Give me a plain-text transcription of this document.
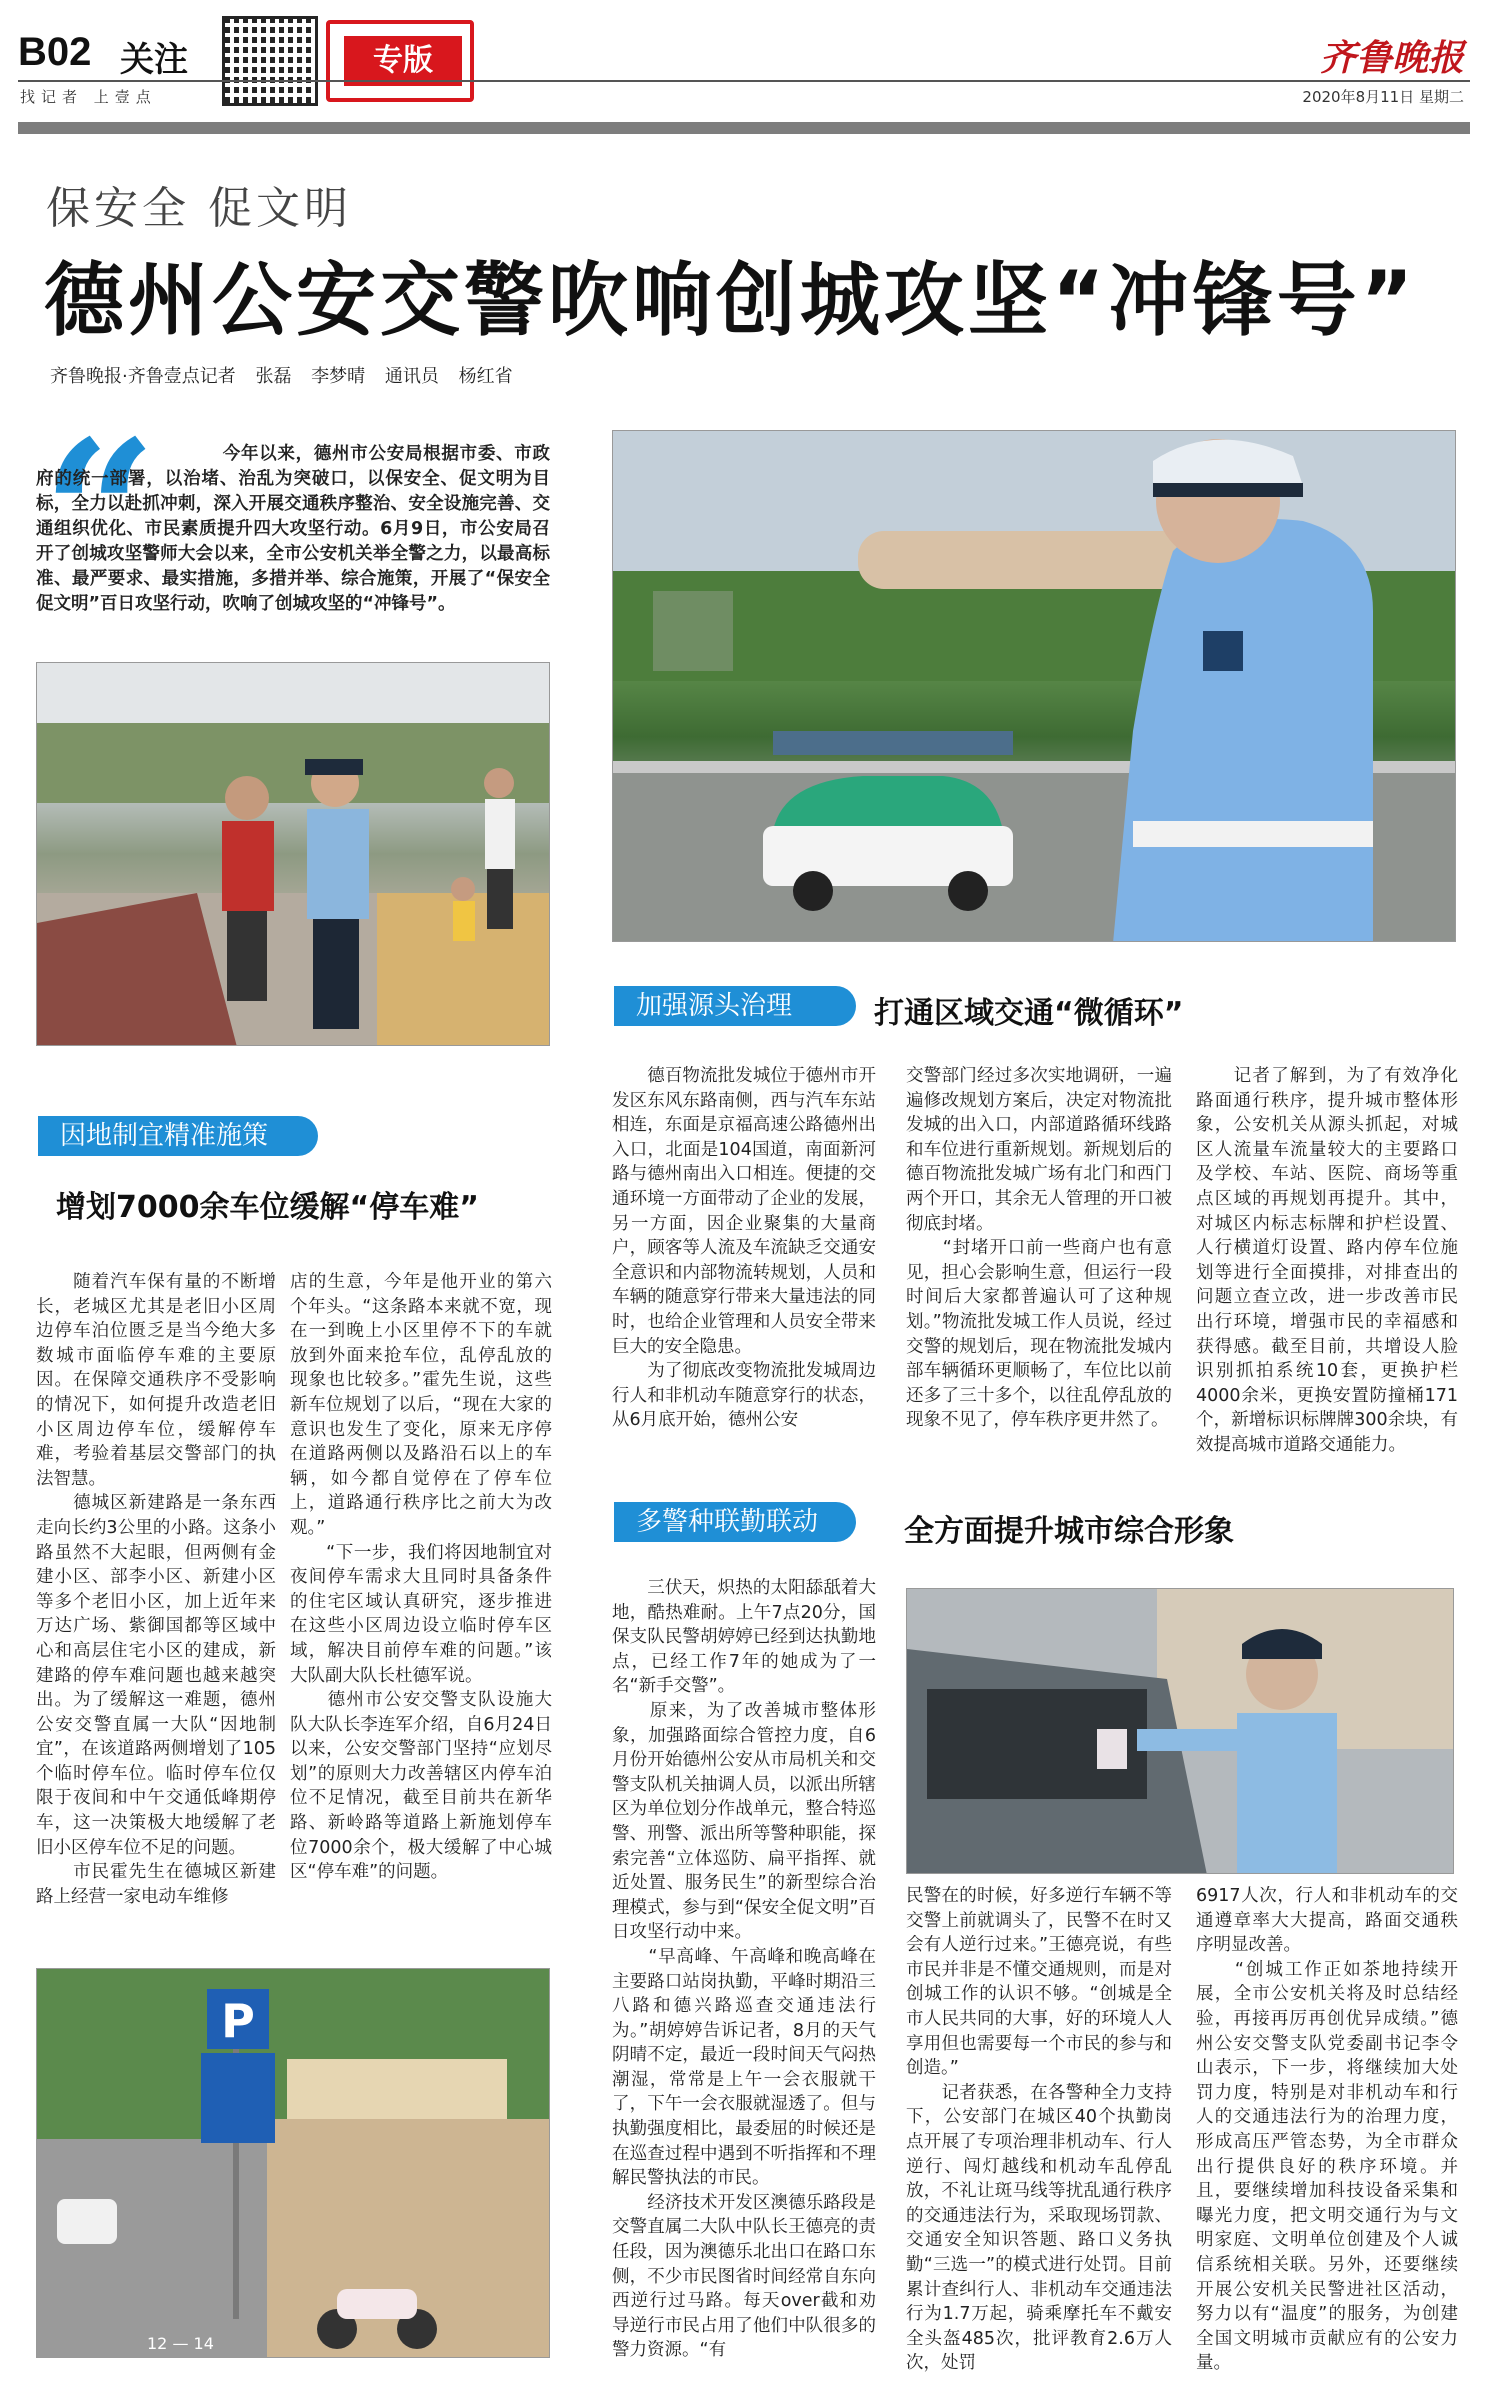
B02 关注
找记者 上壹点
专版	齐鲁晚报
2020年8月11日 星期二
保安全 促文明
德州公安交警吹响创城攻坚“冲锋号”
齐鲁晚报·齐鲁壹点记者 张磊 李梦晴 通讯员 杨红省
“	今年以来，德州市公安局根据市委、市政府的统一部署，以治堵、治乱为突破口，以保安全、促文明为目标，全力以赴抓冲刺，深入开展交通秩序整治、安全设施完善、交通组织优化、市民素质提升四大攻坚行动。6月9日，市公安局召开了创城攻坚警师大会以来，全市公安机关举全警之力，以最高标准、最严要求、最实措施，多措并举、综合施策，开展了“保安全促文明”百日攻坚行动，吹响了创城攻坚的“冲锋号”。
P
12 — 14
加强源头治理	打通区域交通“微循环”
因地制宜精准施策
增划7000余车位缓解“停车难”
多警种联勤联动	全方面提升城市综合形象
　　随着汽车保有量的不断增长，老城区尤其是老旧小区周边停车泊位匮乏是当今绝大多数城市面临停车难的主要原因。在保障交通秩序不受影响的情况下，如何提升改造老旧小区周边停车位，缓解停车难，考验着基层交警部门的执法智慧。
　　德城区新建路是一条东西走向长约3公里的小路。这条小路虽然不大起眼，但两侧有金建小区、部李小区、新建小区等多个老旧小区，加上近年来万达广场、紫御国都等区域中心和高层住宅小区的建成，新建路的停车难问题也越来越突出。为了缓解这一难题，德州公安交警直属一大队“因地制宜”，在该道路两侧增划了105个临时停车位。临时停车位仅限于夜间和中午交通低峰期停车，这一决策极大地缓解了老旧小区停车位不足的问题。
　　市民霍先生在德城区新建路上经营一家电动车维修
店的生意，今年是他开业的第六个年头。“这条路本来就不宽，现在一到晚上小区里停不下的车就放到外面来抢车位，乱停乱放的现象也比较多。”霍先生说，这些新车位规划了以后，“现在大家的意识也发生了变化，原来无序停在道路两侧以及路沿石以上的车辆，如今都自觉停在了停车位上，道路通行秩序比之前大为改观。”
　　“下一步，我们将因地制宜对夜间停车需求大且同时具备条件的住宅区域认真研究，逐步推进在这些小区周边设立临时停车区域，解决目前停车难的问题。”该大队副大队长杜德军说。
　　德州市公安交警支队设施大队大队长李连军介绍，自6月24日以来，公安交警部门坚持“应划尽划”的原则大力改善辖区内停车泊位不足情况，截至目前共在新华路、新岭路等道路上新施划停车位7000余个，极大缓解了中心城区“停车难”的问题。
　　德百物流批发城位于德州市开发区东风东路南侧，西与汽车东站相连，东面是京福高速公路德州出入口，北面是104国道，南面新河路与德州南出入口相连。便捷的交通环境一方面带动了企业的发展，另一方面，因企业聚集的大量商户，顾客等人流及车流缺乏交通安全意识和内部物流转规划，人员和车辆的随意穿行带来大量违法的同时，也给企业管理和人员安全带来巨大的安全隐患。
　　为了彻底改变物流批发城周边行人和非机动车随意穿行的状态，从6月底开始，德州公安
交警部门经过多次实地调研，一遍遍修改规划方案后，决定对物流批发城的出入口，内部道路循环线路和车位进行重新规划。新规划后的德百物流批发城广场有北门和西门两个开口，其余无人管理的开口被彻底封堵。
　　“封堵开口前一些商户也有意见，担心会影响生意，但运行一段时间后大家都普遍认可了这种规划。”物流批发城工作人员说，经过交警的规划后，现在物流批发城内部车辆循环更顺畅了，车位比以前还多了三十多个，以往乱停乱放的现象不见了，停车秩序更井然了。
　　记者了解到，为了有效净化路面通行秩序，提升城市整体形象，公安机关从源头抓起，对城区人流量车流量较大的主要路口及学校、车站、医院、商场等重点区域的再规划再提升。其中，对城区内标志标牌和护栏设置、人行横道灯设置、路内停车位施划等进行全面摸排，对排查出的问题立查立改，进一步改善市民出行环境，增强市民的幸福感和获得感。截至目前，共增设人脸识别抓拍系统10套，更换护栏4000余米，更换安置防撞桶171个，新增标识标牌牌300余块，有效提高城市道路交通能力。
　　三伏天，炽热的太阳舔舐着大地，酷热难耐。上午7点20分，国保支队民警胡婷婷已经到达执勤地点，已经工作7年的她成为了一名“新手交警”。
　　原来，为了改善城市整体形象，加强路面综合管控力度，自6月份开始德州公安从市局机关和交警支队机关抽调人员，以派出所辖区为单位划分作战单元，整合特巡警、刑警、派出所等警种职能，探索完善“立体巡防、扁平指挥、就近处置、服务民生”的新型综合治理模式，参与到“保安全促文明”百日攻坚行动中来。
　　“早高峰、午高峰和晚高峰在主要路口站岗执勤，平峰时期沿三八路和德兴路巡查交通违法行为。”胡婷婷告诉记者，8月的天气阴晴不定，最近一段时间天气闷热潮湿，常常是上午一会衣服就干了，下午一会衣服就湿透了。但与执勤强度相比，最委屈的时候还是在巡查过程中遇到不听指挥和不理解民警执法的市民。
　　经济技术开发区澳德乐路段是交警直属二大队中队长王德亮的责任段，因为澳德乐北出口在路口东侧，不少市民图省时间经常自东向西逆行过马路。每天over截和劝导逆行市民占用了他们中队很多的警力资源。“有
民警在的时候，好多逆行车辆不等交警上前就调头了，民警不在时又会有人逆行过来。”王德亮说，有些市民并非是不懂交通规则，而是对创城工作的认识不够。“创城是全市人民共同的大事，好的环境人人享用但也需要每一个市民的参与和创造。”
　　记者获悉，在各警种全力支持下，公安部门在城区40个执勤岗点开展了专项治理非机动车、行人逆行、闯灯越线和机动车乱停乱放，不礼让斑马线等扰乱通行秩序的交通违法行为，采取现场罚款、交通安全知识答题、路口义务执勤“三选一”的模式进行处罚。目前累计查纠行人、非机动车交通违法行为1.7万起，骑乘摩托车不戴安全头盔485次，批评教育2.6万人次，处罚
6917人次，行人和非机动车的交通遵章率大大提高，路面交通秩序明显改善。
　　“创城工作正如茶地持续开展，全市公安机关将及时总结经验，再接再厉再创优异成绩。”德州公安交警支队党委副书记李令山表示，下一步，将继续加大处罚力度，特别是对非机动车和行人的交通违法行为的治理力度，形成高压严管态势，为全市群众出行提供良好的秩序环境。并且，要继续增加科技设备采集和曝光力度，把文明交通行为与文明家庭、文明单位创建及个人诚信系统相关联。另外，还要继续开展公安机关民警进社区活动，努力以有“温度”的服务，为创建全国文明城市贡献应有的公安力量。
